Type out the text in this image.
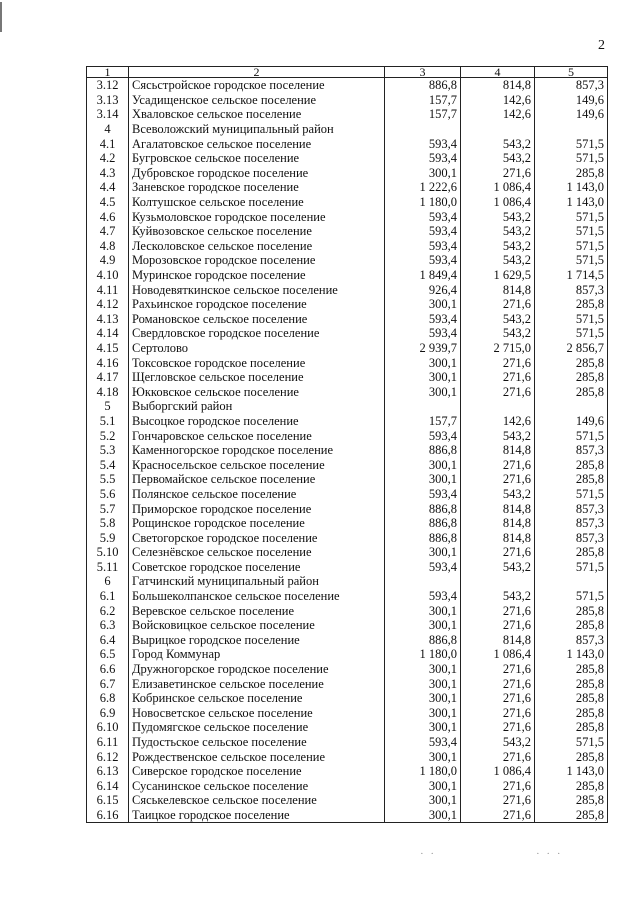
2
1	2	3	4	5
3.12	Сясьстройское городское поселение	886,8	814,8	857,3
3.13	Усадищенское сельское поселение	157,7	142,6	149,6
3.14	Хваловское сельское поселение	157,7	142,6	149,6
4	Всеволожский муниципальный район			
4.1	Агалатовское сельское поселение	593,4	543,2	571,5
4.2	Бугровское сельское поселение	593,4	543,2	571,5
4.3	Дубровское городское поселение	300,1	271,6	285,8
4.4	Заневское городское поселение	1 222,6	1 086,4	1 143,0
4.5	Колтушское сельское поселение	1 180,0	1 086,4	1 143,0
4.6	Кузьмоловское городское поселение	593,4	543,2	571,5
4.7	Куйвозовское сельское поселение	593,4	543,2	571,5
4.8	Лесколовское сельское поселение	593,4	543,2	571,5
4.9	Морозовское городское поселение	593,4	543,2	571,5
4.10	Муринское городское поселение	1 849,4	1 629,5	1 714,5
4.11	Новодевяткинское сельское поселение	926,4	814,8	857,3
4.12	Рахьинское городское поселение	300,1	271,6	285,8
4.13	Романовское сельское поселение	593,4	543,2	571,5
4.14	Свердловское городское поселение	593,4	543,2	571,5
4.15	Сертолово	2 939,7	2 715,0	2 856,7
4.16	Токсовское городское поселение	300,1	271,6	285,8
4.17	Щегловское сельское поселение	300,1	271,6	285,8
4.18	Юкковское сельское поселение	300,1	271,6	285,8
5	Выборгский район			
5.1	Высоцкое городское поселение	157,7	142,6	149,6
5.2	Гончаровское сельское поселение	593,4	543,2	571,5
5.3	Каменногорское городское поселение	886,8	814,8	857,3
5.4	Красносельское сельское поселение	300,1	271,6	285,8
5.5	Первомайское сельское поселение	300,1	271,6	285,8
5.6	Полянское сельское поселение	593,4	543,2	571,5
5.7	Приморское городское поселение	886,8	814,8	857,3
5.8	Рощинское городское поселение	886,8	814,8	857,3
5.9	Светогорское городское поселение	886,8	814,8	857,3
5.10	Селезнёвское сельское поселение	300,1	271,6	285,8
5.11	Советское городское поселение	593,4	543,2	571,5
6	Гатчинский муниципальный район			
6.1	Большеколпанское сельское поселение	593,4	543,2	571,5
6.2	Веревское сельское поселение	300,1	271,6	285,8
6.3	Войсковицкое сельское поселение	300,1	271,6	285,8
6.4	Вырицкое городское поселение	886,8	814,8	857,3
6.5	Город Коммунар	1 180,0	1 086,4	1 143,0
6.6	Дружногорское городское поселение	300,1	271,6	285,8
6.7	Елизаветинское сельское поселение	300,1	271,6	285,8
6.8	Кобринское сельское поселение	300,1	271,6	285,8
6.9	Новосветское сельское поселение	300,1	271,6	285,8
6.10	Пудомягское сельское поселение	300,1	271,6	285,8
6.11	Пудостьское сельское поселение	593,4	543,2	571,5
6.12	Рождественское сельское поселение	300,1	271,6	285,8
6.13	Сиверское городское поселение	1 180,0	1 086,4	1 143,0
6.14	Сусанинское сельское поселение	300,1	271,6	285,8
6.15	Сяськелевское сельское поселение	300,1	271,6	285,8
6.16	Таицкое городское поселение	300,1	271,6	285,8
· ·	· · ·
